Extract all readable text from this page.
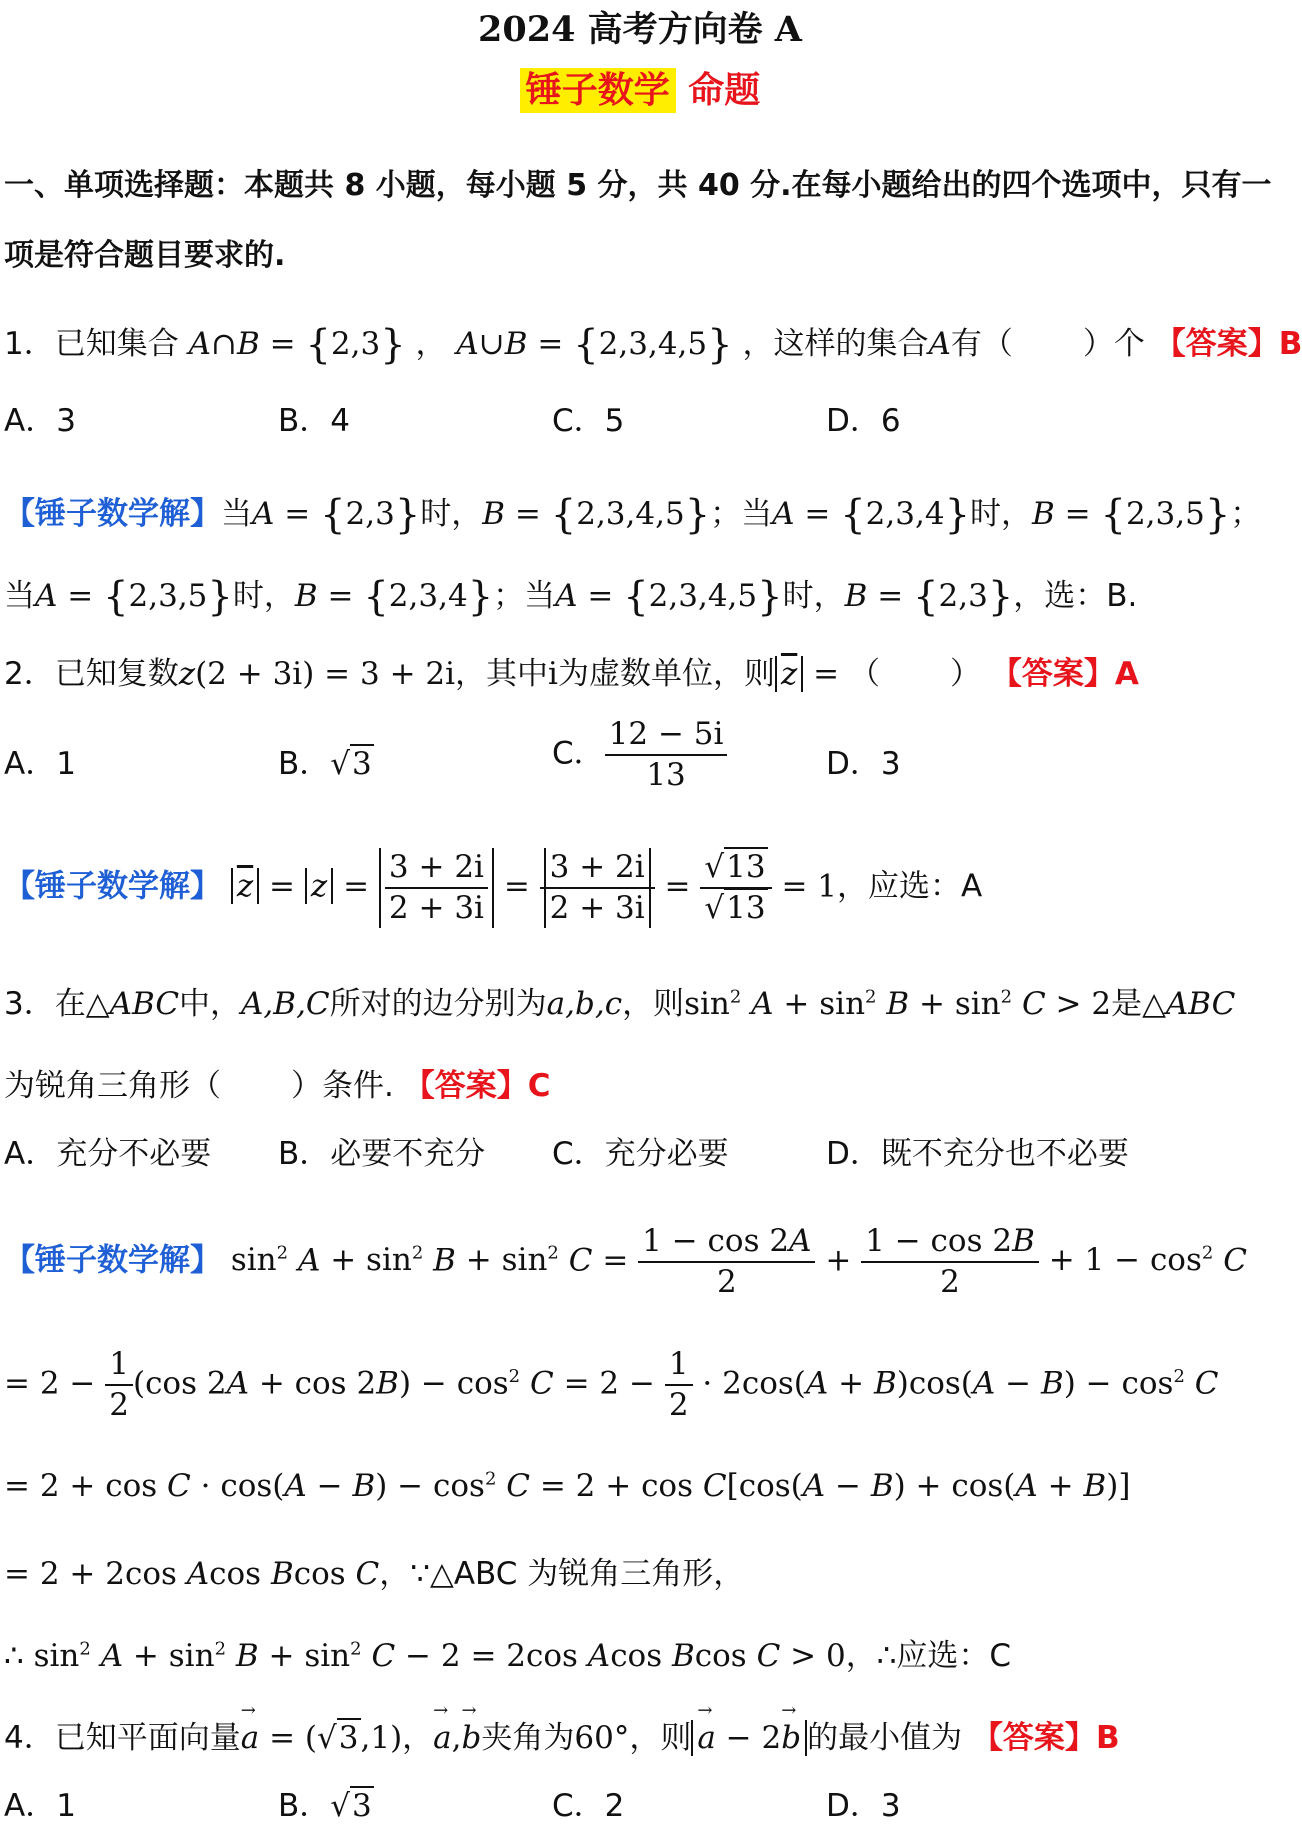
2024 高考方向卷 A
锤子数学 命题
一、单项选择题：本题共 8 小题，每小题 5 分，共 40 分.在每小题给出的四个选项中，只有一
项是符合题目要求的.
1．已知集合 A∩B = {2,3} ， A∪B = {2,3,4,5} ，这样的集合A有（ ）个 【答案】B
A．3	B．4	C．5	D．6
【锤子数学解】当A = {2,3}时，B = {2,3,4,5}；当A = {2,3,4}时，B = {2,3,5}；
当A = {2,3,5}时，B = {2,3,4}；当A = {2,3,4,5}时，B = {2,3}，选：B.
2．已知复数z(2 + 3i) = 3 + 2i，其中i为虚数单位，则 $\overline{z}$ = （ ） 【答案】A
A．1	B．√3	C． $\frac{12 - 5i}{13}$	D．3
【锤子数学解】 $\overline{z} = z = \frac{3 + 2i}{2 + 3i} = \frac{3 + 2i}{2 + 3i} = \frac{√13}{√13} = 1$，应选：A
3．在△ABC中，A,B,C所对的边分别为a,b,c，则$\sin^2 A + \sin^2 B + \sin^2 C > 2$是△ABC
为锐角三角形（ ）条件. 【答案】C
A．充分不必要 B．必要不充分 C．充分必要	D．既不充分也不必要
【锤子数学解】 $\sin^2 A + \sin^2 B + \sin^2 C = \frac{1 - \cos 2A}{2} + \frac{1 - \cos 2B}{2} + 1 - \cos^2 C$
= $2 - \frac{1}{2} (\cos$ $2A + \cos 2B) - \cos^2 C = 2 - \frac{1}{2} \cdot 2\cos(A + B)\cos(A - B) - \cos^2 C$
= $2 + \cos C \cdot \cos(A - B) - \cos^2 C = 2 + \cos C[\cos(A - B) + \cos(A + B)]$
= 2 + 2cos Acos Bcos C，∵△ABC 为锐角三角形，
∴ $\sin^2 A + \sin^2 B + \sin^2 C - 2 = 2\cos$ Acos Bcos C > 0，∴应选：C
4．已知平面向量→ a = (√3,1)，→ a,→ b夹角为60°，则 → a − 2→ b 的最小值为 【答案】B
A．1	B．√3	C．2	D．3
